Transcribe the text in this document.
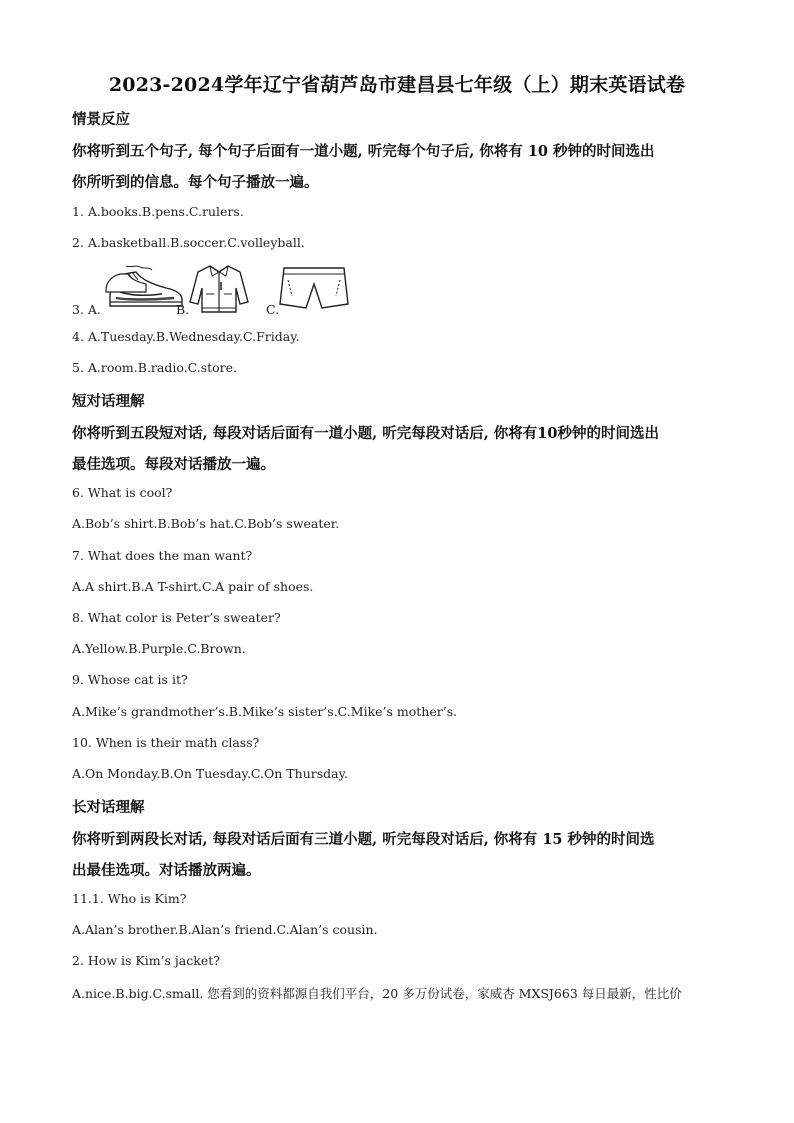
2023-2024学年辽宁省葫芦岛市建昌县七年级（上）期末英语试卷
情景反应
你将听到五个句子, 每个句子后面有一道小题, 听完每个句子后, 你将有 10 秒钟的时间选出
你所听到的信息。每个句子播放一遍。
1. A.books.B.pens.C.rulers.
2. A.basketball.B.soccer.C.volleyball.
3. A.	B.	C.
4. A.Tuesday.B.Wednesday.C.Friday.
5. A.room.B.radio.C.store.
短对话理解
你将听到五段短对话, 每段对话后面有一道小题, 听完每段对话后, 你将有10秒钟的时间选出
最佳选项。每段对话播放一遍。
6. What is cool?
A.Bob’s shirt.B.Bob’s hat.C.Bob’s sweater.
7. What does the man want?
A.A shirt.B.A T-shirt.C.A pair of shoes.
8. What color is Peter’s sweater?
A.Yellow.B.Purple.C.Brown.
9. Whose cat is it?
A.Mike’s grandmother’s.B.Mike’s sister’s.C.Mike’s mother’s.
10. When is their math class?
A.On Monday.B.On Tuesday.C.On Thursday.
长对话理解
你将听到两段长对话, 每段对话后面有三道小题, 听完每段对话后, 你将有 15 秒钟的时间选
出最佳选项。对话播放两遍。
11.1. Who is Kim?
A.Alan’s brother.B.Alan’s friend.C.Alan’s cousin.
2. How is Kim’s jacket?
A.nice.B.big.C.small. 您看到的资料都源自我们平台，20 多万份试卷，家威杏 MXSJ663 每日最新，性比价
